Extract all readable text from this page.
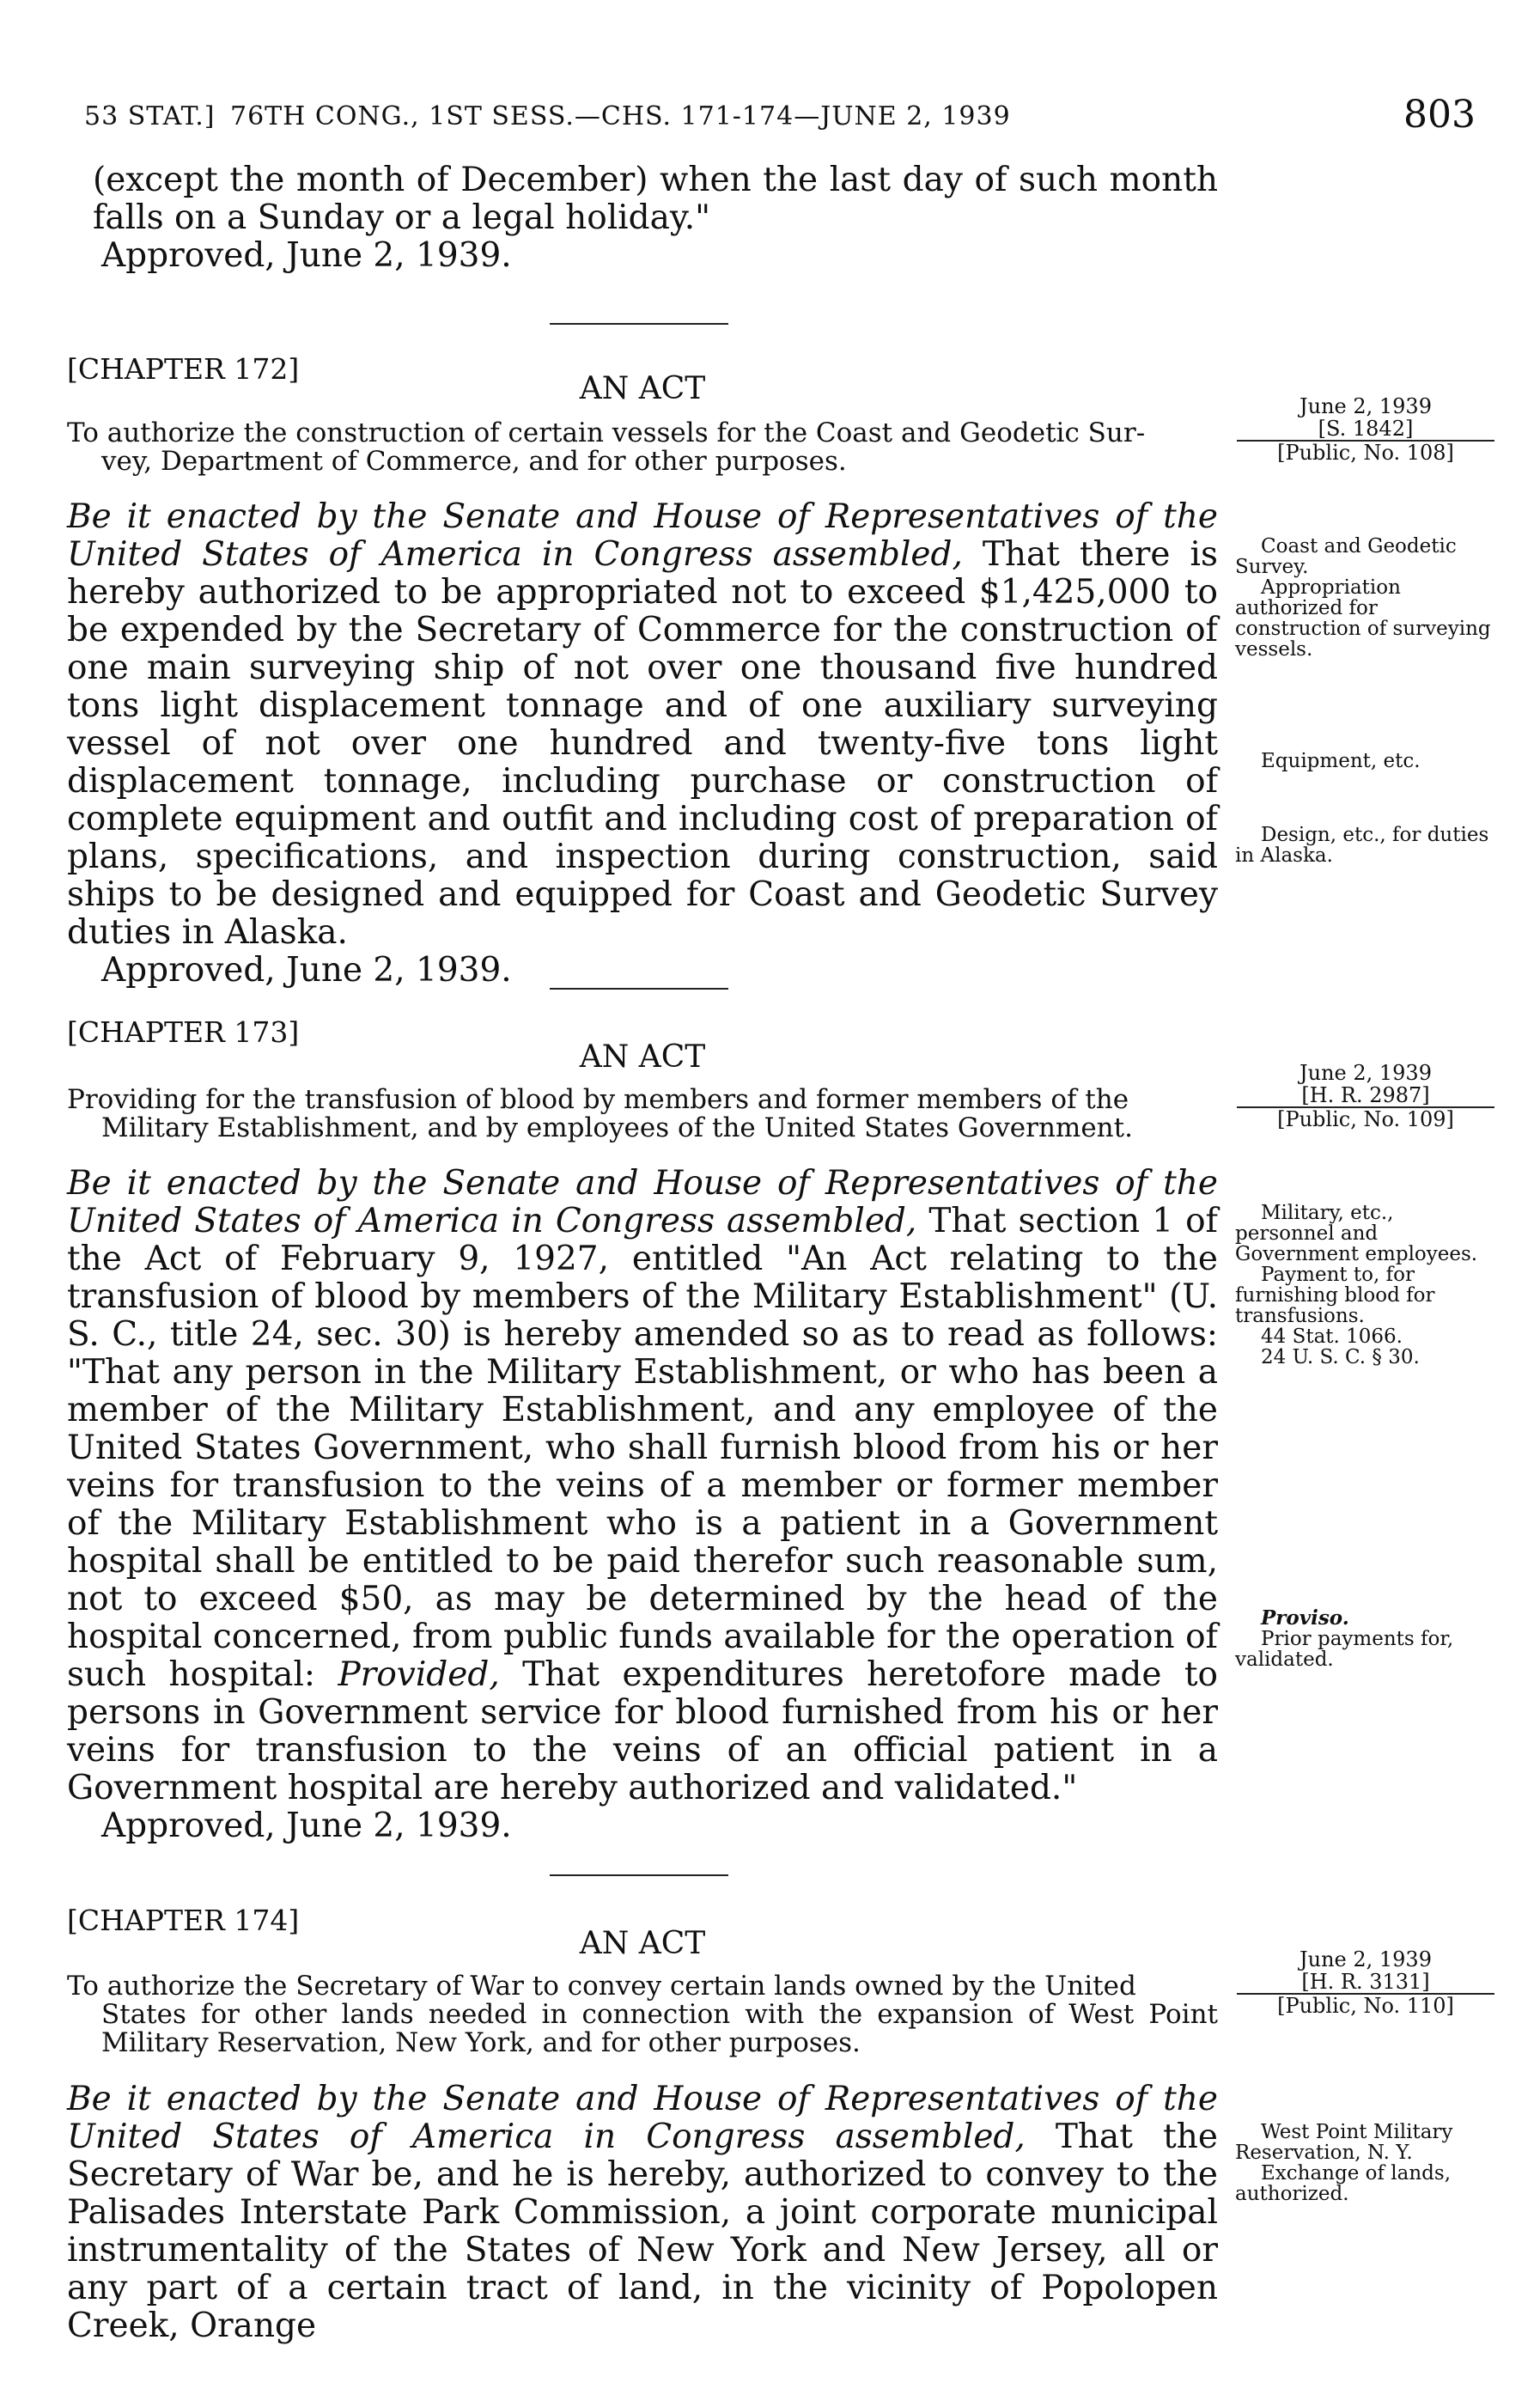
53 STAT.] 76TH CONG., 1ST SESS.—CHS. 171-174—JUNE 2, 1939	803

(except the month of December) when the last day of such month falls on a Sunday or a legal holiday."

Approved, June 2, 1939.

[CHAPTER 172]
AN ACT
To authorize the construction of certain vessels for the Coast and Geodetic Sur-
vey, Department of Commerce, and for other purposes.
June 2, 1939
[S. 1842]
[Public, No. 108]

Be it enacted by the Senate and House of Representatives of the United States of America in Congress assembled, That there is hereby authorized to be appropriated not to exceed $1,425,000 to be expended by the Secretary of Commerce for the construction of one main surveying ship of not over one thousand five hundred tons light displacement tonnage and of one auxiliary surveying vessel of not over one hundred and twenty-five tons light displacement tonnage, including purchase or construction of complete equipment and outfit and including cost of preparation of plans, specifications, and inspection during construction, said ships to be designed and equipped for Coast and Geodetic Survey duties in Alaska.

Approved, June 2, 1939.

Coast and Geodetic Survey.

Appropriation authorized for construction of surveying vessels.

Equipment, etc.

Design, etc., for duties in Alaska.

[CHAPTER 173]
AN ACT
Providing for the transfusion of blood by members and former members of the
Military Establishment, and by employees of the United States Government.
June 2, 1939
[H. R. 2987]
[Public, No. 109]

Be it enacted by the Senate and House of Representatives of the United States of America in Congress assembled, That section 1 of the Act of February 9, 1927, entitled "An Act relating to the transfusion of blood by members of the Military Establishment" (U. S. C., title 24, sec. 30) is hereby amended so as to read as follows: "That any person in the Military Establishment, or who has been a member of the Military Establishment, and any employee of the United States Government, who shall furnish blood from his or her veins for transfusion to the veins of a member or former member of the Military Establishment who is a patient in a Government hospital shall be entitled to be paid therefor such reasonable sum, not to exceed $50, as may be determined by the head of the hospital concerned, from public funds available for the operation of such hospital: Provided, That expenditures heretofore made to persons in Government service for blood furnished from his or her veins for transfusion to the veins of an official patient in a Government hospital are hereby authorized and validated."

Approved, June 2, 1939.

Military, etc., personnel and Government employees.

Payment to, for furnishing blood for transfusions.

44 Stat. 1066.

24 U. S. C. § 30.

Proviso.

Prior payments for, validated.

[CHAPTER 174]
AN ACT
To authorize the Secretary of War to convey certain lands owned by the United
States for other lands needed in connection with the expansion of West Point Military Reservation, New York, and for other purposes.
June 2, 1939
[H. R. 3131]
[Public, No. 110]

Be it enacted by the Senate and House of Representatives of the United States of America in Congress assembled, That the Secretary of War be, and he is hereby, authorized to convey to the Palisades Interstate Park Commission, a joint corporate municipal instrumentality of the States of New York and New Jersey, all or any part of a certain tract of land, in the vicinity of Popolopen Creek, Orange

West Point Military Reservation, N. Y.

Exchange of lands, authorized.
